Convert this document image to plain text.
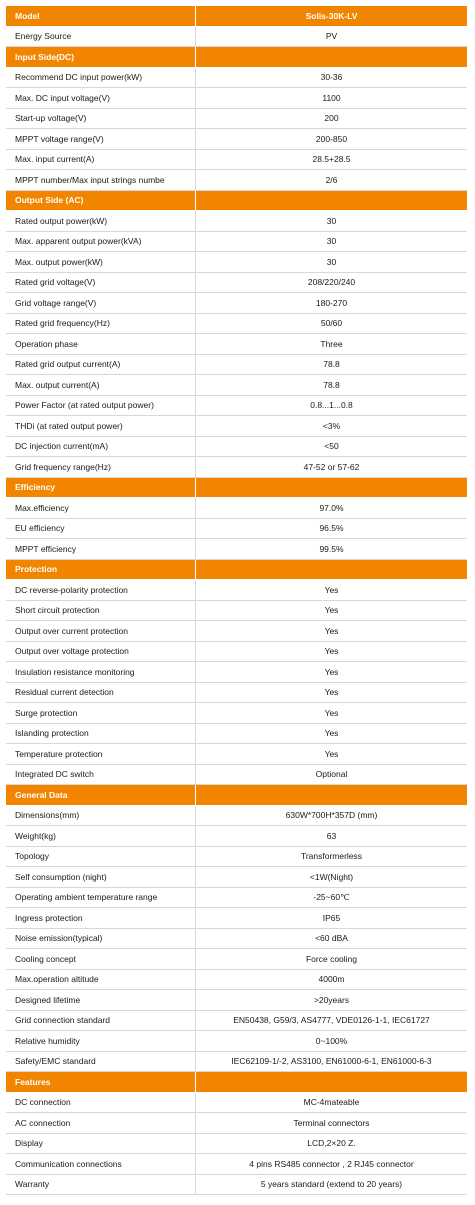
Model	Solis-30K-LV
Energy Source	PV
Input Side(DC)
Recommend DC input power(kW)	30-36
Max. DC input voltage(V)	1100
Start-up voltage(V)	200
MPPT voltage range(V)	200-850
Max. input current(A)	28.5+28.5
MPPT number/Max input strings numbe	2/6
Output Side (AC)
Rated output power(kW)	30
Max. apparent output power(kVA)	30
Max. output power(kW)	30
Rated grid voltage(V)	208/220/240
Grid voltage range(V)	180-270
Rated grid frequency(Hz)	50/60
Operation phase	Three
Rated grid output current(A)	78.8
Max. output current(A)	78.8
Power Factor (at rated output power)	0.8...1...0.8
THDi (at rated output power)	<3%
DC injection current(mA)	<50
Grid frequency range(Hz)	47-52 or 57-62
Efficiency
Max.efficiency	97.0%
EU efficiency	96.5%
MPPT efficiency	99.5%
Protection
DC reverse-polarity protection	Yes
Short circuit protection	Yes
Output over current protection	Yes
Output over voltage protection	Yes
Insulation resistance monitoring	Yes
Residual current detection	Yes
Surge protection	Yes
Islanding protection	Yes
Temperature protection	Yes
Integrated DC switch	Optional
General Data
Dimensions(mm)	630W*700H*357D (mm)
Weight(kg)	63
Topology	Transformerless
Self consumption (night)	<1W(Night)
Operating ambient temperature range	-25~60℃
Ingress protection	IP65
Noise emission(typical)	<60 dBA
Cooling concept	Force cooling
Max.operation altitude	4000m
Designed lifetime	>20years
Grid connection standard	EN50438, G59/3, AS4777, VDE0126-1-1, IEC61727
Relative humidity	0~100%
Safety/EMC standard	IEC62109-1/-2, AS3100, EN61000-6-1, EN61000-6-3
Features
DC connection	MC-4mateable
AC connection	Terminal connectors
Display	LCD,2×20 Z.
Communication connections	4 pins RS485 connector , 2 RJ45 connector
Warranty	5 years standard (extend to 20 years)
